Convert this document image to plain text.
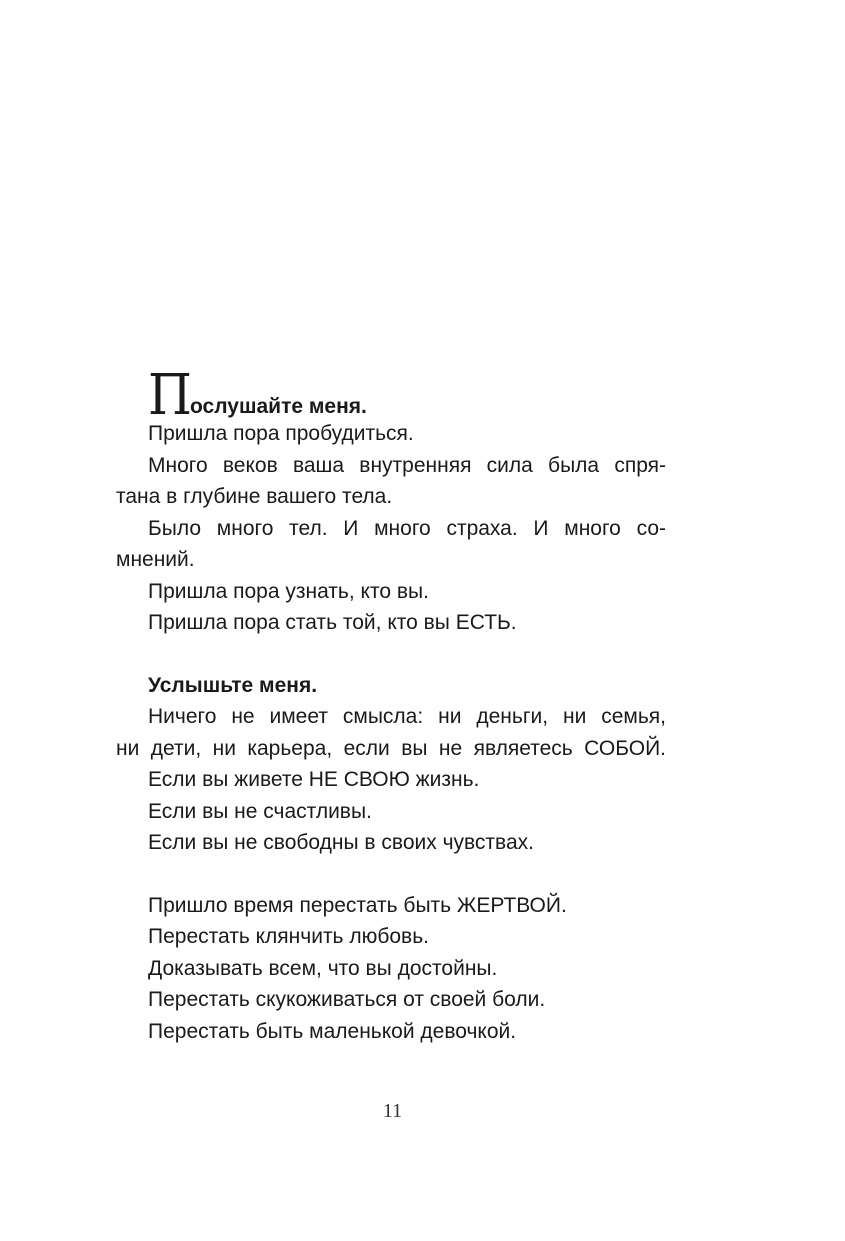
П
ослушайте меня.

Пришла пора пробудиться.

Много веков ваша внутренняя сила была спря-

тана в глубине вашего тела.

Было много тел. И много страха. И много со-

мнений.

Пришла пора узнать, кто вы.

Пришла пора стать той, кто вы ЕСТЬ.

Услышьте меня.

Ничего не имеет смысла: ни деньги, ни семья,

ни дети, ни карьера, если вы не являетесь СОБОЙ.

Если вы живете НЕ СВОЮ жизнь.

Если вы не счастливы.

Если вы не свободны в своих чувствах.

Пришло время перестать быть ЖЕРТВОЙ.

Перестать клянчить любовь.

Доказывать всем, что вы достойны.

Перестать скукоживаться от своей боли.

Перестать быть маленькой девочкой.

11
